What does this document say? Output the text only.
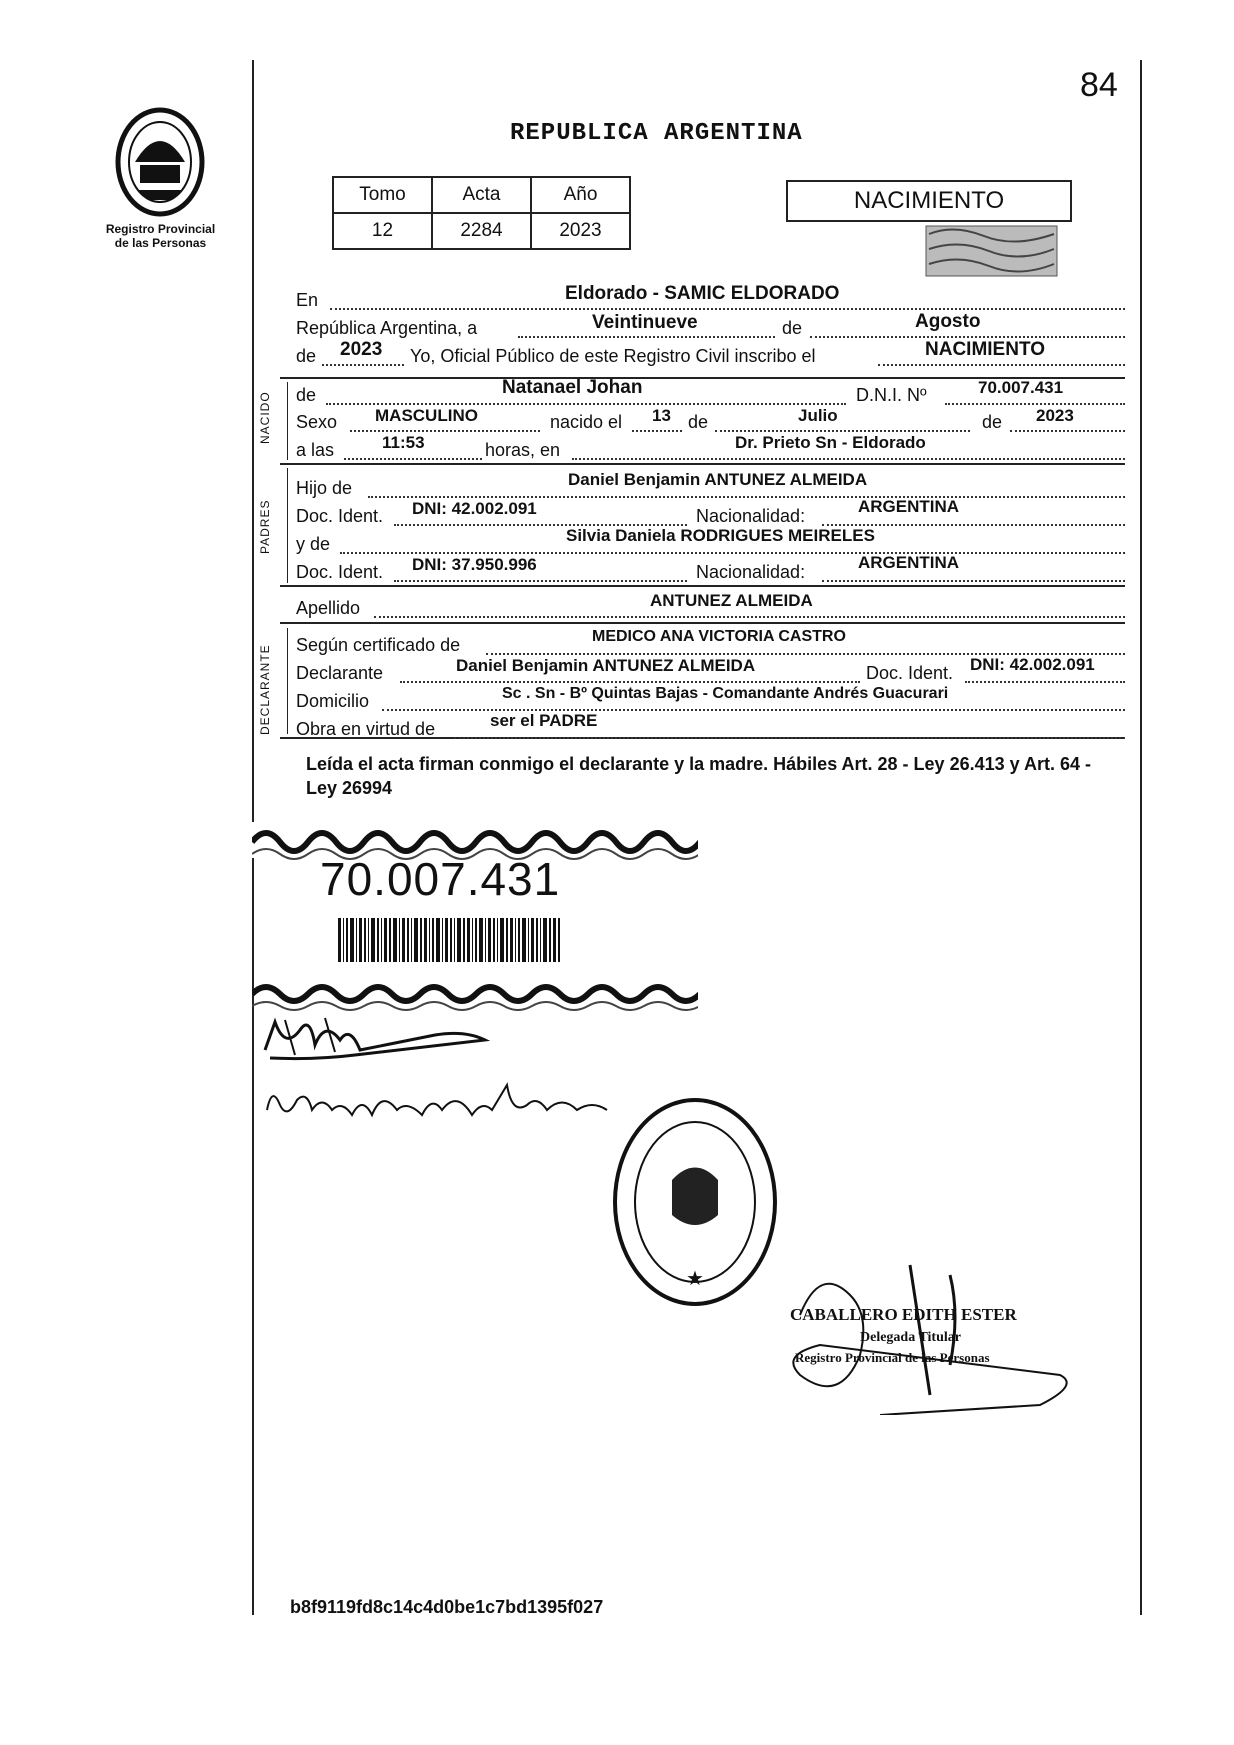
Registro Provincial
de las Personas
84
REPUBLICA ARGENTINA
Tomo	Acta	Año
12	2284	2023
NACIMIENTO
NACIDO
PADRES
DECLARANTE
En	Eldorado - SAMIC ELDORADO
República Argentina, a	Veintinueve	de	Agosto
de 2023 Yo, Oficial Público de este Registro Civil inscribo el	NACIMIENTO
de	Natanael Johan	D.N.I. Nº	70.007.431
Sexo MASCULINO	nacido el 13 de	Julio	de 2023
a las	11:53	horas, en	Dr. Prieto Sn - Eldorado
Hijo de	Daniel Benjamin ANTUNEZ ALMEIDA
Doc. Ident. DNI: 42.002.091	Nacionalidad:	ARGENTINA
y de	Silvia Daniela RODRIGUES MEIRELES
Doc. Ident. DNI: 37.950.996	Nacionalidad:	ARGENTINA
Apellido	ANTUNEZ ALMEIDA
Según certificado de	MEDICO ANA VICTORIA CASTRO
Declarante	Daniel Benjamin ANTUNEZ ALMEIDA	Doc. Ident. DNI: 42.002.091
Domicilio	Sc . Sn - Bº Quintas Bajas - Comandante Andrés Guacurari
Obra en virtud de	ser el PADRE
Leída el acta firman conmigo el declarante y la madre. Hábiles Art. 28 - Ley 26.413 y Art. 64 - Ley 26994
70.007.431
★
CABALLERO EDITH ESTER
Delegada Titular
Registro Provincial de las Personas
b8f9119fd8c14c4d0be1c7bd1395f027
